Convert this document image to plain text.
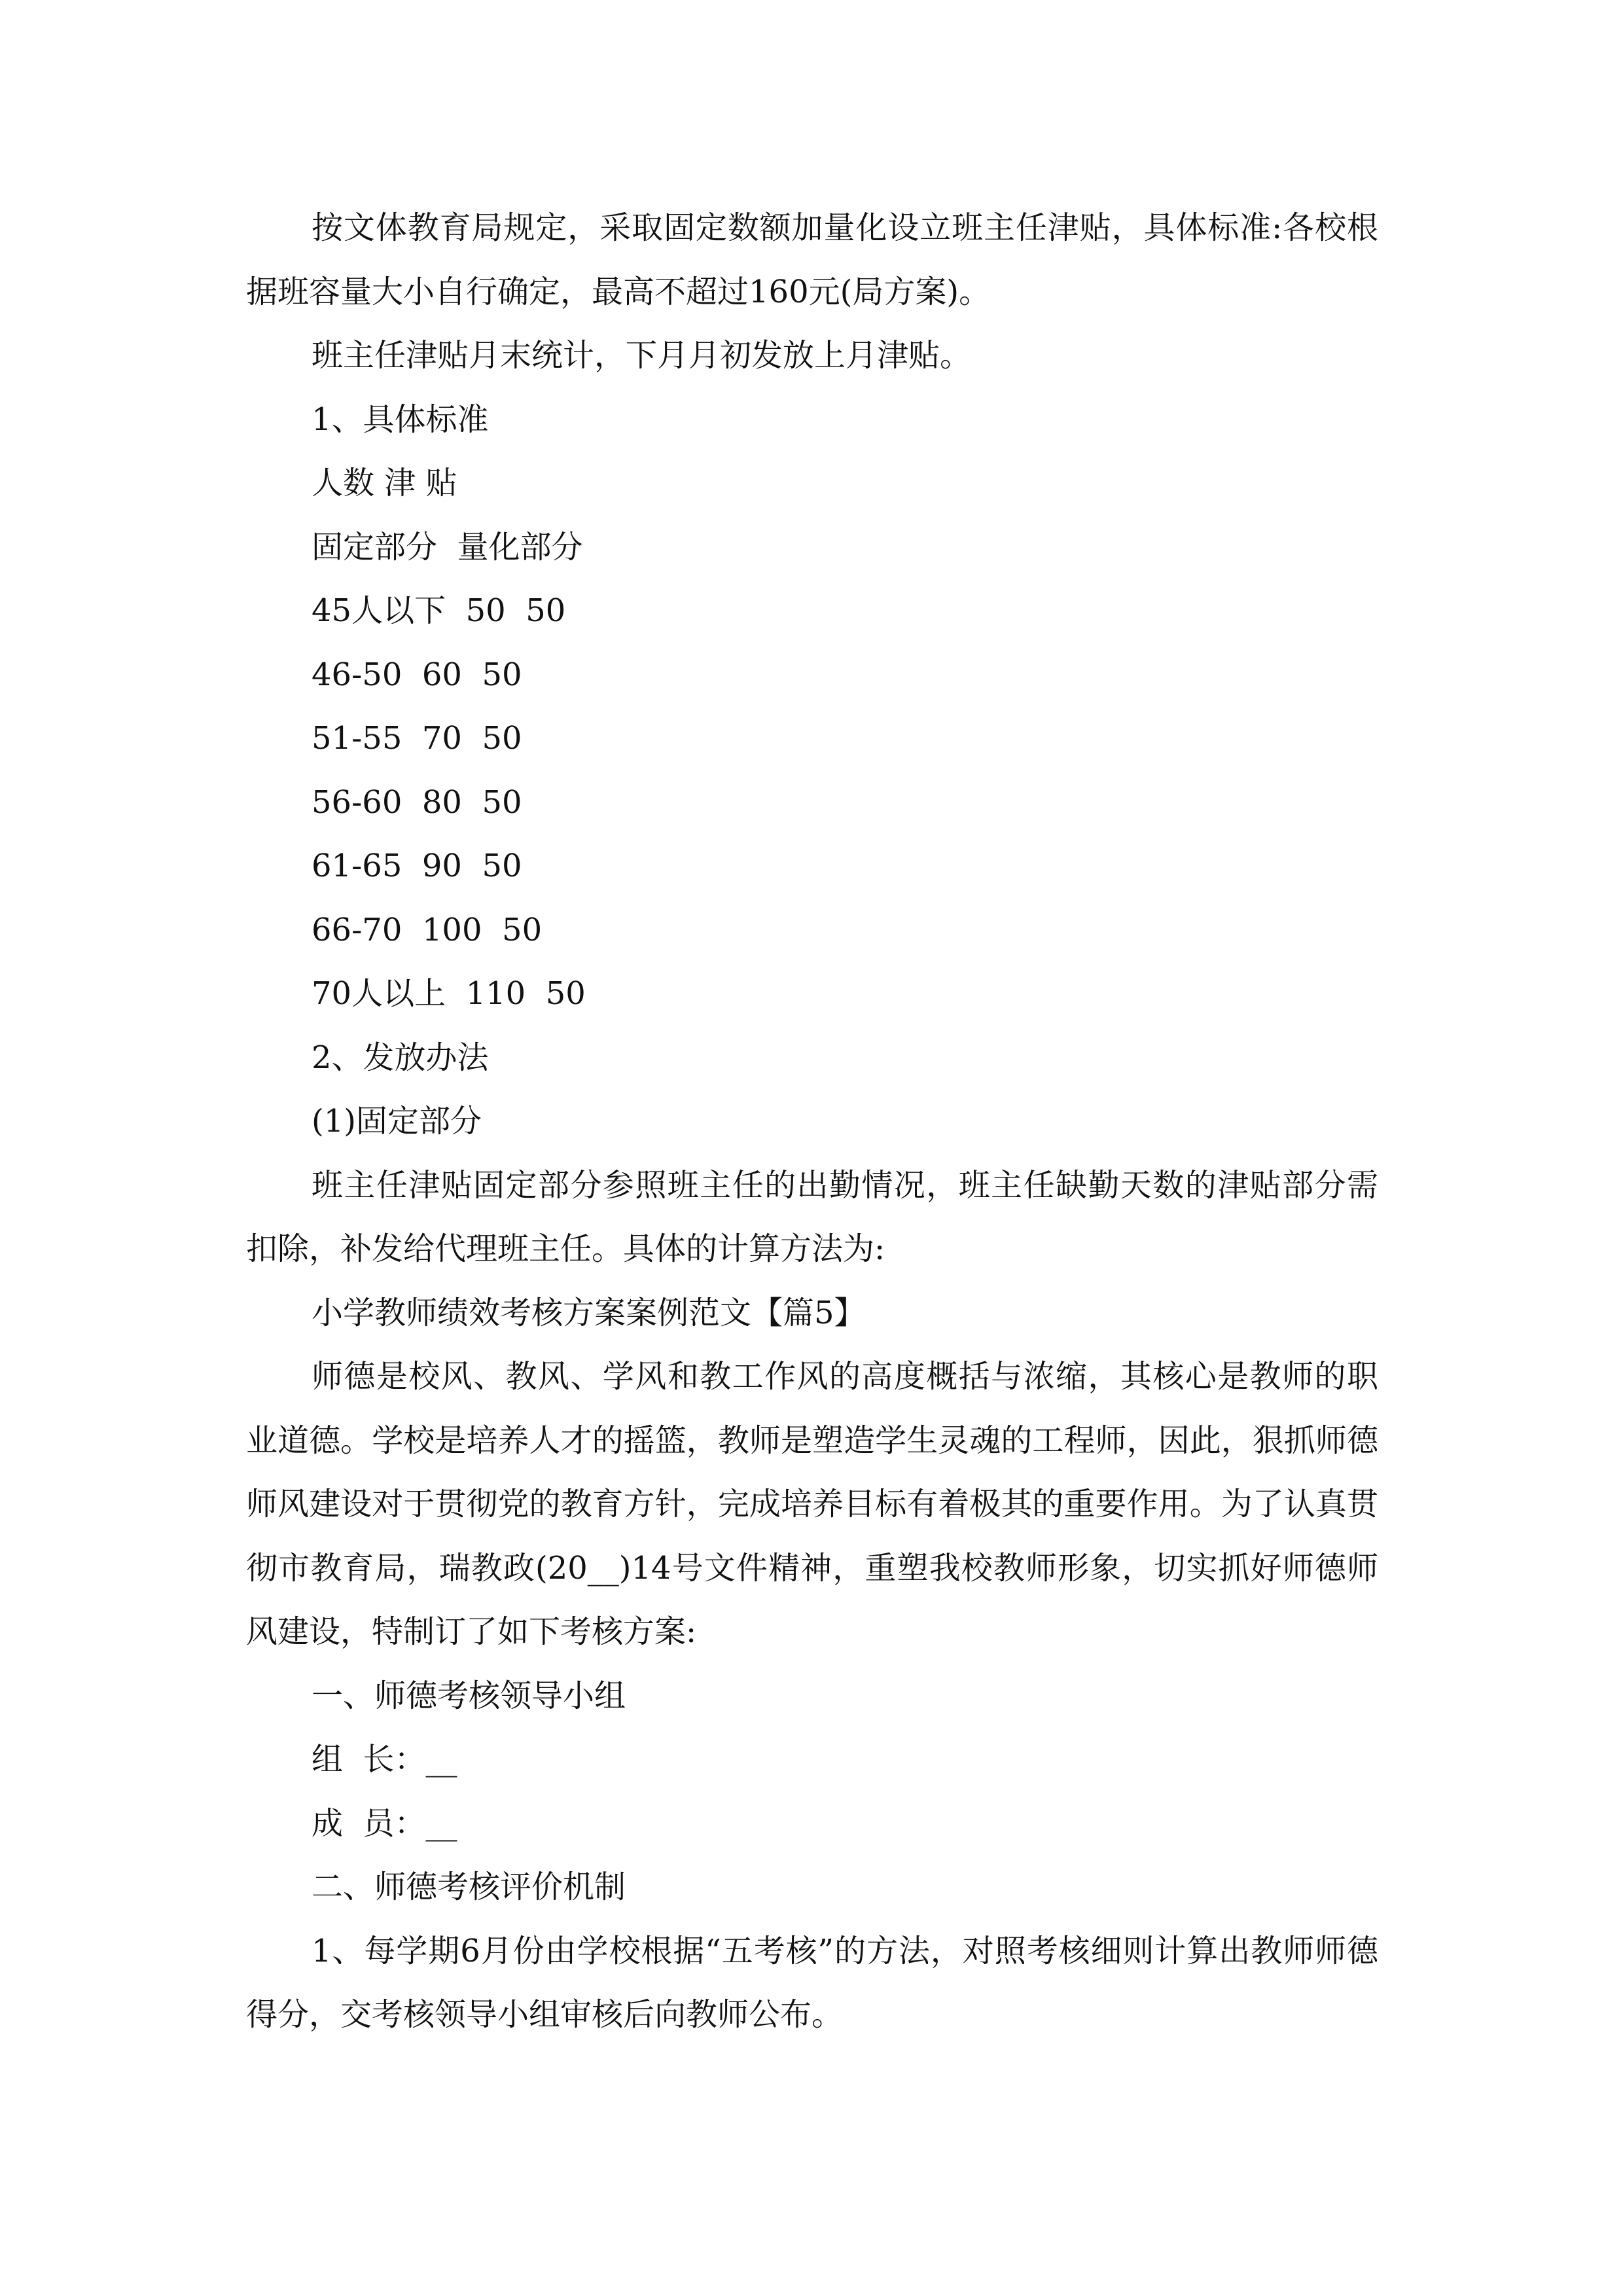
按文体教育局规定，采取固定数额加量化设立班主任津贴，具体标准:各校根据班容量大小自行确定，最高不超过160元(局方案)。

班主任津贴月末统计，下月月初发放上月津贴。

1、具体标准

人数 津 贴

固定部分  量化部分

45人以下  50  50

46-50  60  50

51-55  70  50

56-60  80  50

61-65  90  50

66-70  100  50

70人以上  110  50

2、发放办法

(1)固定部分

班主任津贴固定部分参照班主任的出勤情况，班主任缺勤天数的津贴部分需扣除，补发给代理班主任。具体的计算方法为:

小学教师绩效考核方案案例范文【篇5】

师德是校风、教风、学风和教工作风的高度概括与浓缩，其核心是教师的职业道德。学校是培养人才的摇篮，教师是塑造学生灵魂的工程师，因此，狠抓师德师风建设对于贯彻党的教育方针，完成培养目标有着极其的重要作用。为了认真贯彻市教育局，瑞教政(20__)14号文件精神，重塑我校教师形象，切实抓好师德师风建设，特制订了如下考核方案:

一、师德考核领导小组

组  长：__

成  员：__

二、师德考核评价机制

1、每学期6月份由学校根据“五考核”的方法，对照考核细则计算出教师师德得分，交考核领导小组审核后向教师公布。
